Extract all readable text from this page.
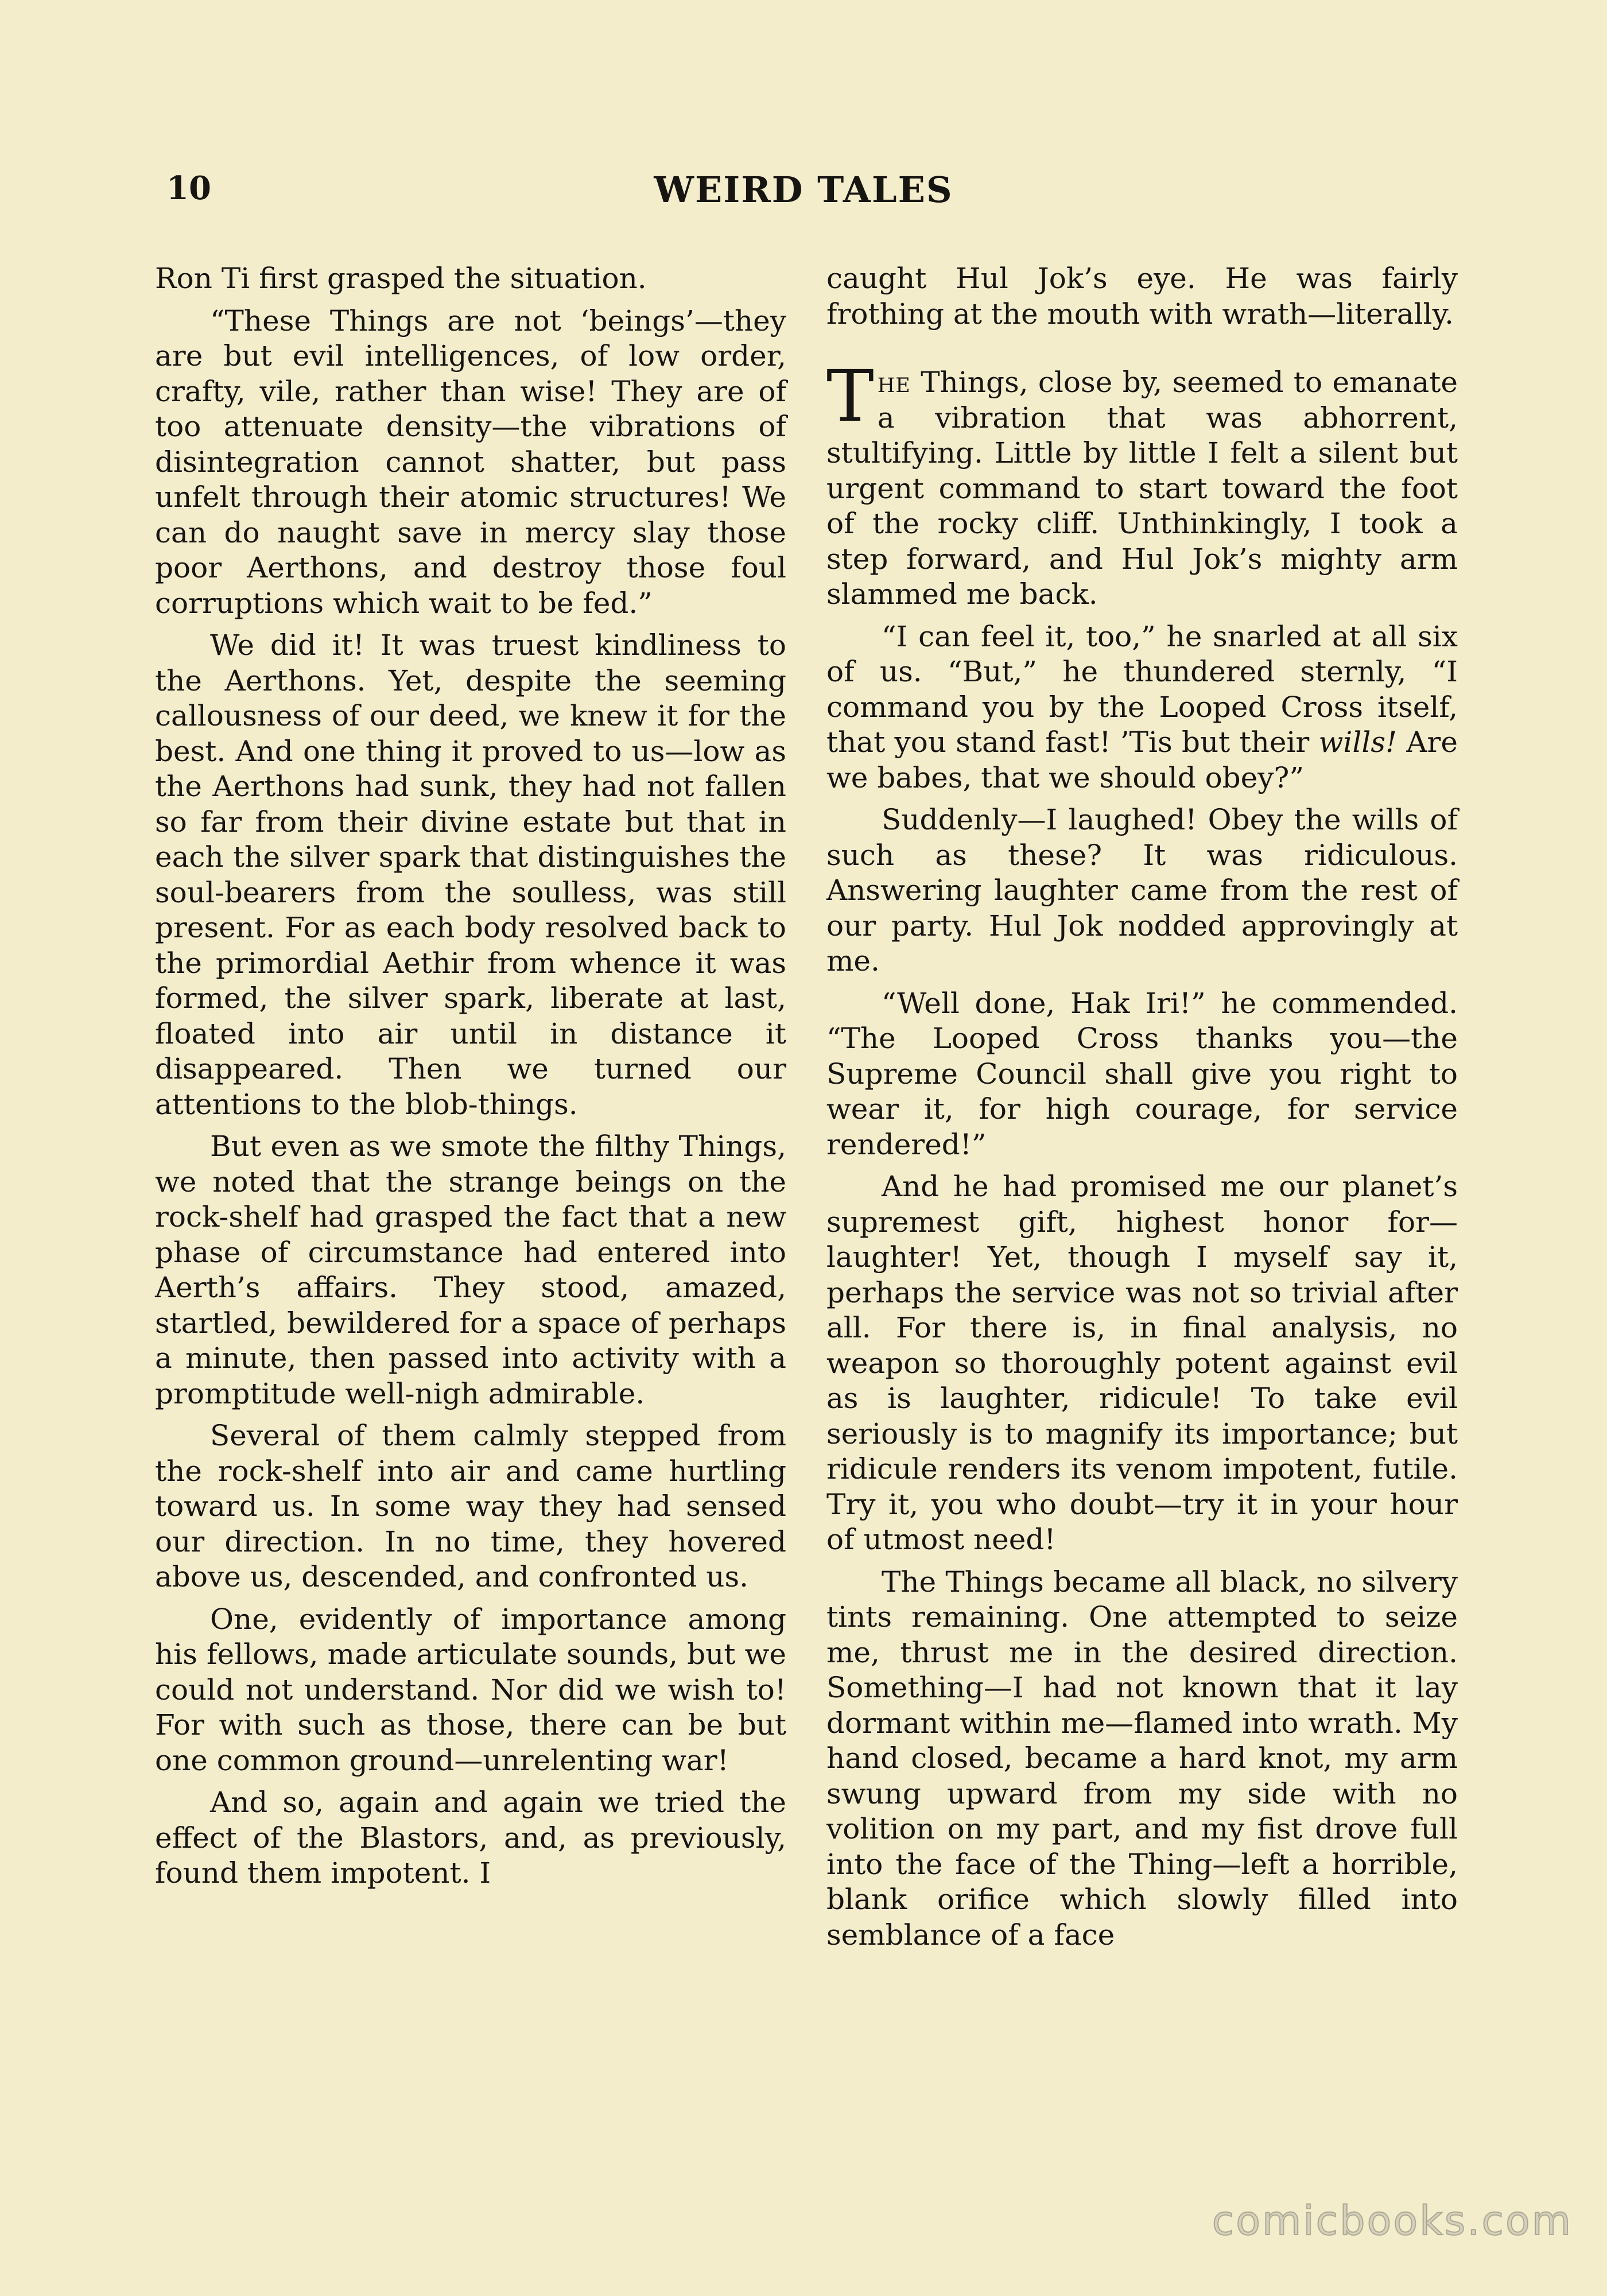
10	WEIRD TALES

Ron Ti first grasped the situation.

“These Things are not ‘beings’—they are but evil intelligences, of low order, crafty, vile, rather than wise! They are of too attenuate density—the vibrations of disintegration cannot shatter, but pass unfelt through their atomic structures! We can do naught save in mercy slay those poor Aerthons, and destroy those foul corruptions which wait to be fed.”

We did it! It was truest kindliness to the Aerthons. Yet, despite the seeming callousness of our deed, we knew it for the best. And one thing it proved to us—low as the Aerthons had sunk, they had not fallen so far from their divine estate but that in each the silver spark that distinguishes the soul-bearers from the soulless, was still present. For as each body resolved back to the primordial Aethir from whence it was formed, the silver spark, liberate at last, floated into air until in distance it disappeared. Then we turned our attentions to the blob-things.

But even as we smote the filthy Things, we noted that the strange beings on the rock-shelf had grasped the fact that a new phase of circumstance had entered into Aerth’s affairs. They stood, amazed, startled, bewildered for a space of perhaps a minute, then passed into activity with a promptitude well-nigh admirable.

Several of them calmly stepped from the rock-shelf into air and came hurtling toward us. In some way they had sensed our direction. In no time, they hovered above us, descended, and confronted us.

One, evidently of importance among his fellows, made articulate sounds, but we could not understand. Nor did we wish to! For with such as those, there can be but one common ground—unrelenting war!

And so, again and again we tried the effect of the Blastors, and, as previously, found them impotent. I

caught Hul Jok’s eye. He was fairly frothing at the mouth with wrath—literally.

The Things, close by, seemed to emanate a vibration that was abhorrent, stultifying. Little by little I felt a silent but urgent command to start toward the foot of the rocky cliff. Unthinkingly, I took a step forward, and Hul Jok’s mighty arm slammed me back.

“I can feel it, too,” he snarled at all six of us. “But,” he thundered sternly, “I command you by the Looped Cross itself, that you stand fast! ’Tis but their wills! Are we babes, that we should obey?”

Suddenly—I laughed! Obey the wills of such as these? It was ridiculous. Answering laughter came from the rest of our party. Hul Jok nodded approvingly at me.

“Well done, Hak Iri!” he commended. “The Looped Cross thanks you—the Supreme Council shall give you right to wear it, for high courage, for service rendered!”

And he had promised me our planet’s supremest gift, highest honor for—laughter! Yet, though I myself say it, perhaps the service was not so trivial after all. For there is, in final analysis, no weapon so thoroughly potent against evil as is laughter, ridicule! To take evil seriously is to magnify its importance; but ridicule renders its venom impotent, futile. Try it, you who doubt—try it in your hour of utmost need!

The Things became all black, no silvery tints remaining. One attempted to seize me, thrust me in the desired direction. Something—I had not known that it lay dormant within me—flamed into wrath. My hand closed, became a hard knot, my arm swung upward from my side with no volition on my part, and my fist drove full into the face of the Thing—left a horrible, blank orifice which slowly filled into semblance of a face

comicbooks.com
